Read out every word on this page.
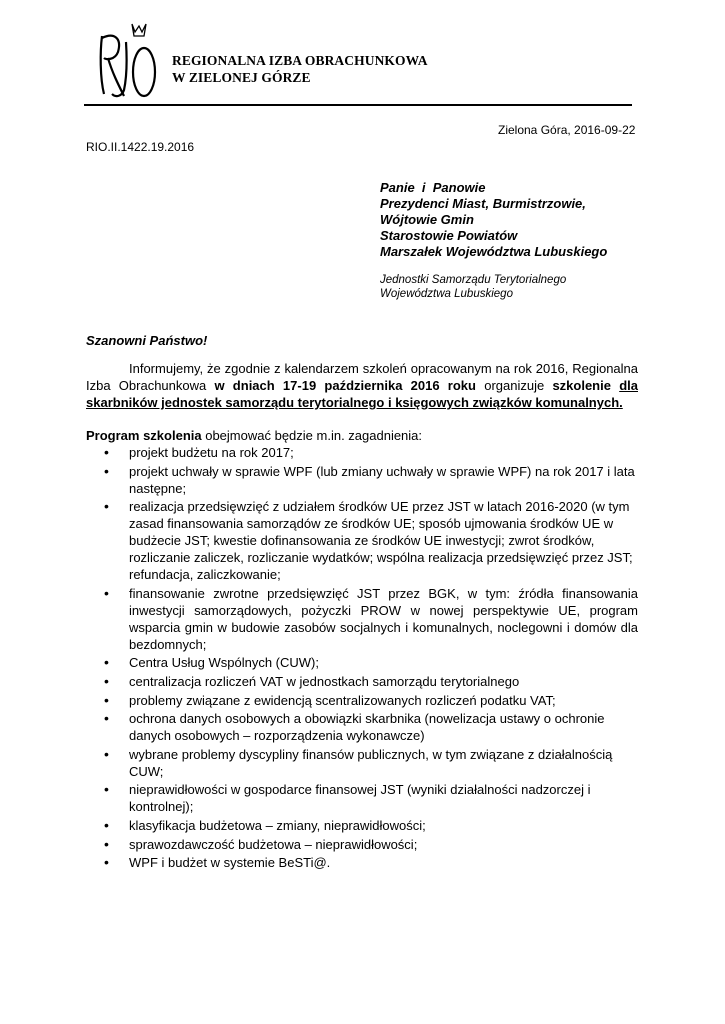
REGIONALNA IZBA OBRACHUNKOWA
W ZIELONEJ GÓRZE
Zielona Góra, 2016-09-22
RIO.II.1422.19.2016
Panie  i  Panowie
Prezydenci Miast, Burmistrzowie,
Wójtowie Gmin
Starostowie Powiatów
Marszałek Województwa Lubuskiego
Jednostki Samorządu Terytorialnego
Województwa Lubuskiego
Szanowni Państwo!
Informujemy, że zgodnie z kalendarzem szkoleń opracowanym na rok 2016, Regionalna Izba Obrachunkowa w dniach 17-19 października 2016 roku organizuje szkolenie dla skarbników jednostek samorządu terytorialnego i księgowych związków komunalnych.
Program szkolenia obejmować będzie m.in. zagadnienia:
• projekt budżetu na rok 2017;
• projekt uchwały w sprawie WPF (lub zmiany uchwały w sprawie WPF) na rok 2017 i lata następne;
• realizacja przedsięwzięć z udziałem środków UE przez JST w latach 2016-2020 (w tym zasad finansowania samorządów ze środków UE; sposób ujmowania środków UE w budżecie JST; kwestie dofinansowania ze środków UE inwestycji; zwrot środków, rozliczanie zaliczek, rozliczanie wydatków; wspólna realizacja przedsięwzięć przez JST; refundacja, zaliczkowanie;
• finansowanie zwrotne przedsięwzięć JST przez BGK, w tym: źródła finansowania inwestycji samorządowych, pożyczki PROW w nowej perspektywie UE, program wsparcia gmin w budowie zasobów socjalnych i komunalnych, noclegowni i domów dla bezdomnych;
• Centra Usług Wspólnych (CUW);
• centralizacja rozliczeń VAT w jednostkach samorządu terytorialnego
• problemy związane z ewidencją scentralizowanych rozliczeń podatku VAT;
• ochrona danych osobowych a obowiązki skarbnika (nowelizacja ustawy o ochronie danych osobowych – rozporządzenia wykonawcze)
• wybrane problemy dyscypliny finansów publicznych, w tym związane z działalnością CUW;
• nieprawidłowości w gospodarce finansowej JST (wyniki działalności nadzorczej i kontrolnej);
• klasyfikacja budżetowa – zmiany, nieprawidłowości;
• sprawozdawczość budżetowa – nieprawidłowości;
• WPF i budżet w systemie BeSTi@.
